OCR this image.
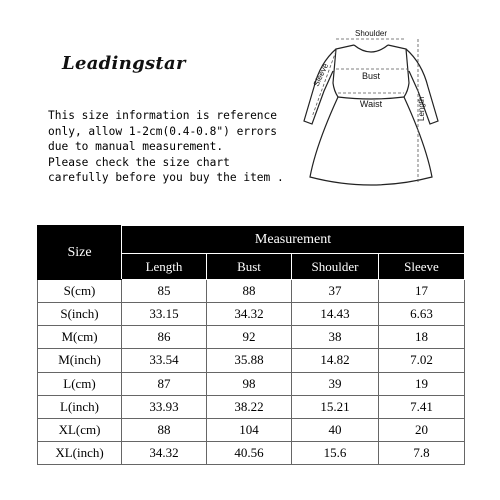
Leadingstar
This size information is reference
only, allow 1-2cm(0.4-0.8") errors
due to manual measurement.
Please check the size chart
carefully before you buy the item .
Shoulder
Bust
Waist
Sleeve
Length
Size	Measurement			
	Length	Bust	Shoulder	Sleeve
S(cm)	85	88	37	17
S(inch)	33.15	34.32	14.43	6.63
M(cm)	86	92	38	18
M(inch)	33.54	35.88	14.82	7.02
L(cm)	87	98	39	19
L(inch)	33.93	38.22	15.21	7.41
XL(cm)	88	104	40	20
XL(inch)	34.32	40.56	15.6	7.8
